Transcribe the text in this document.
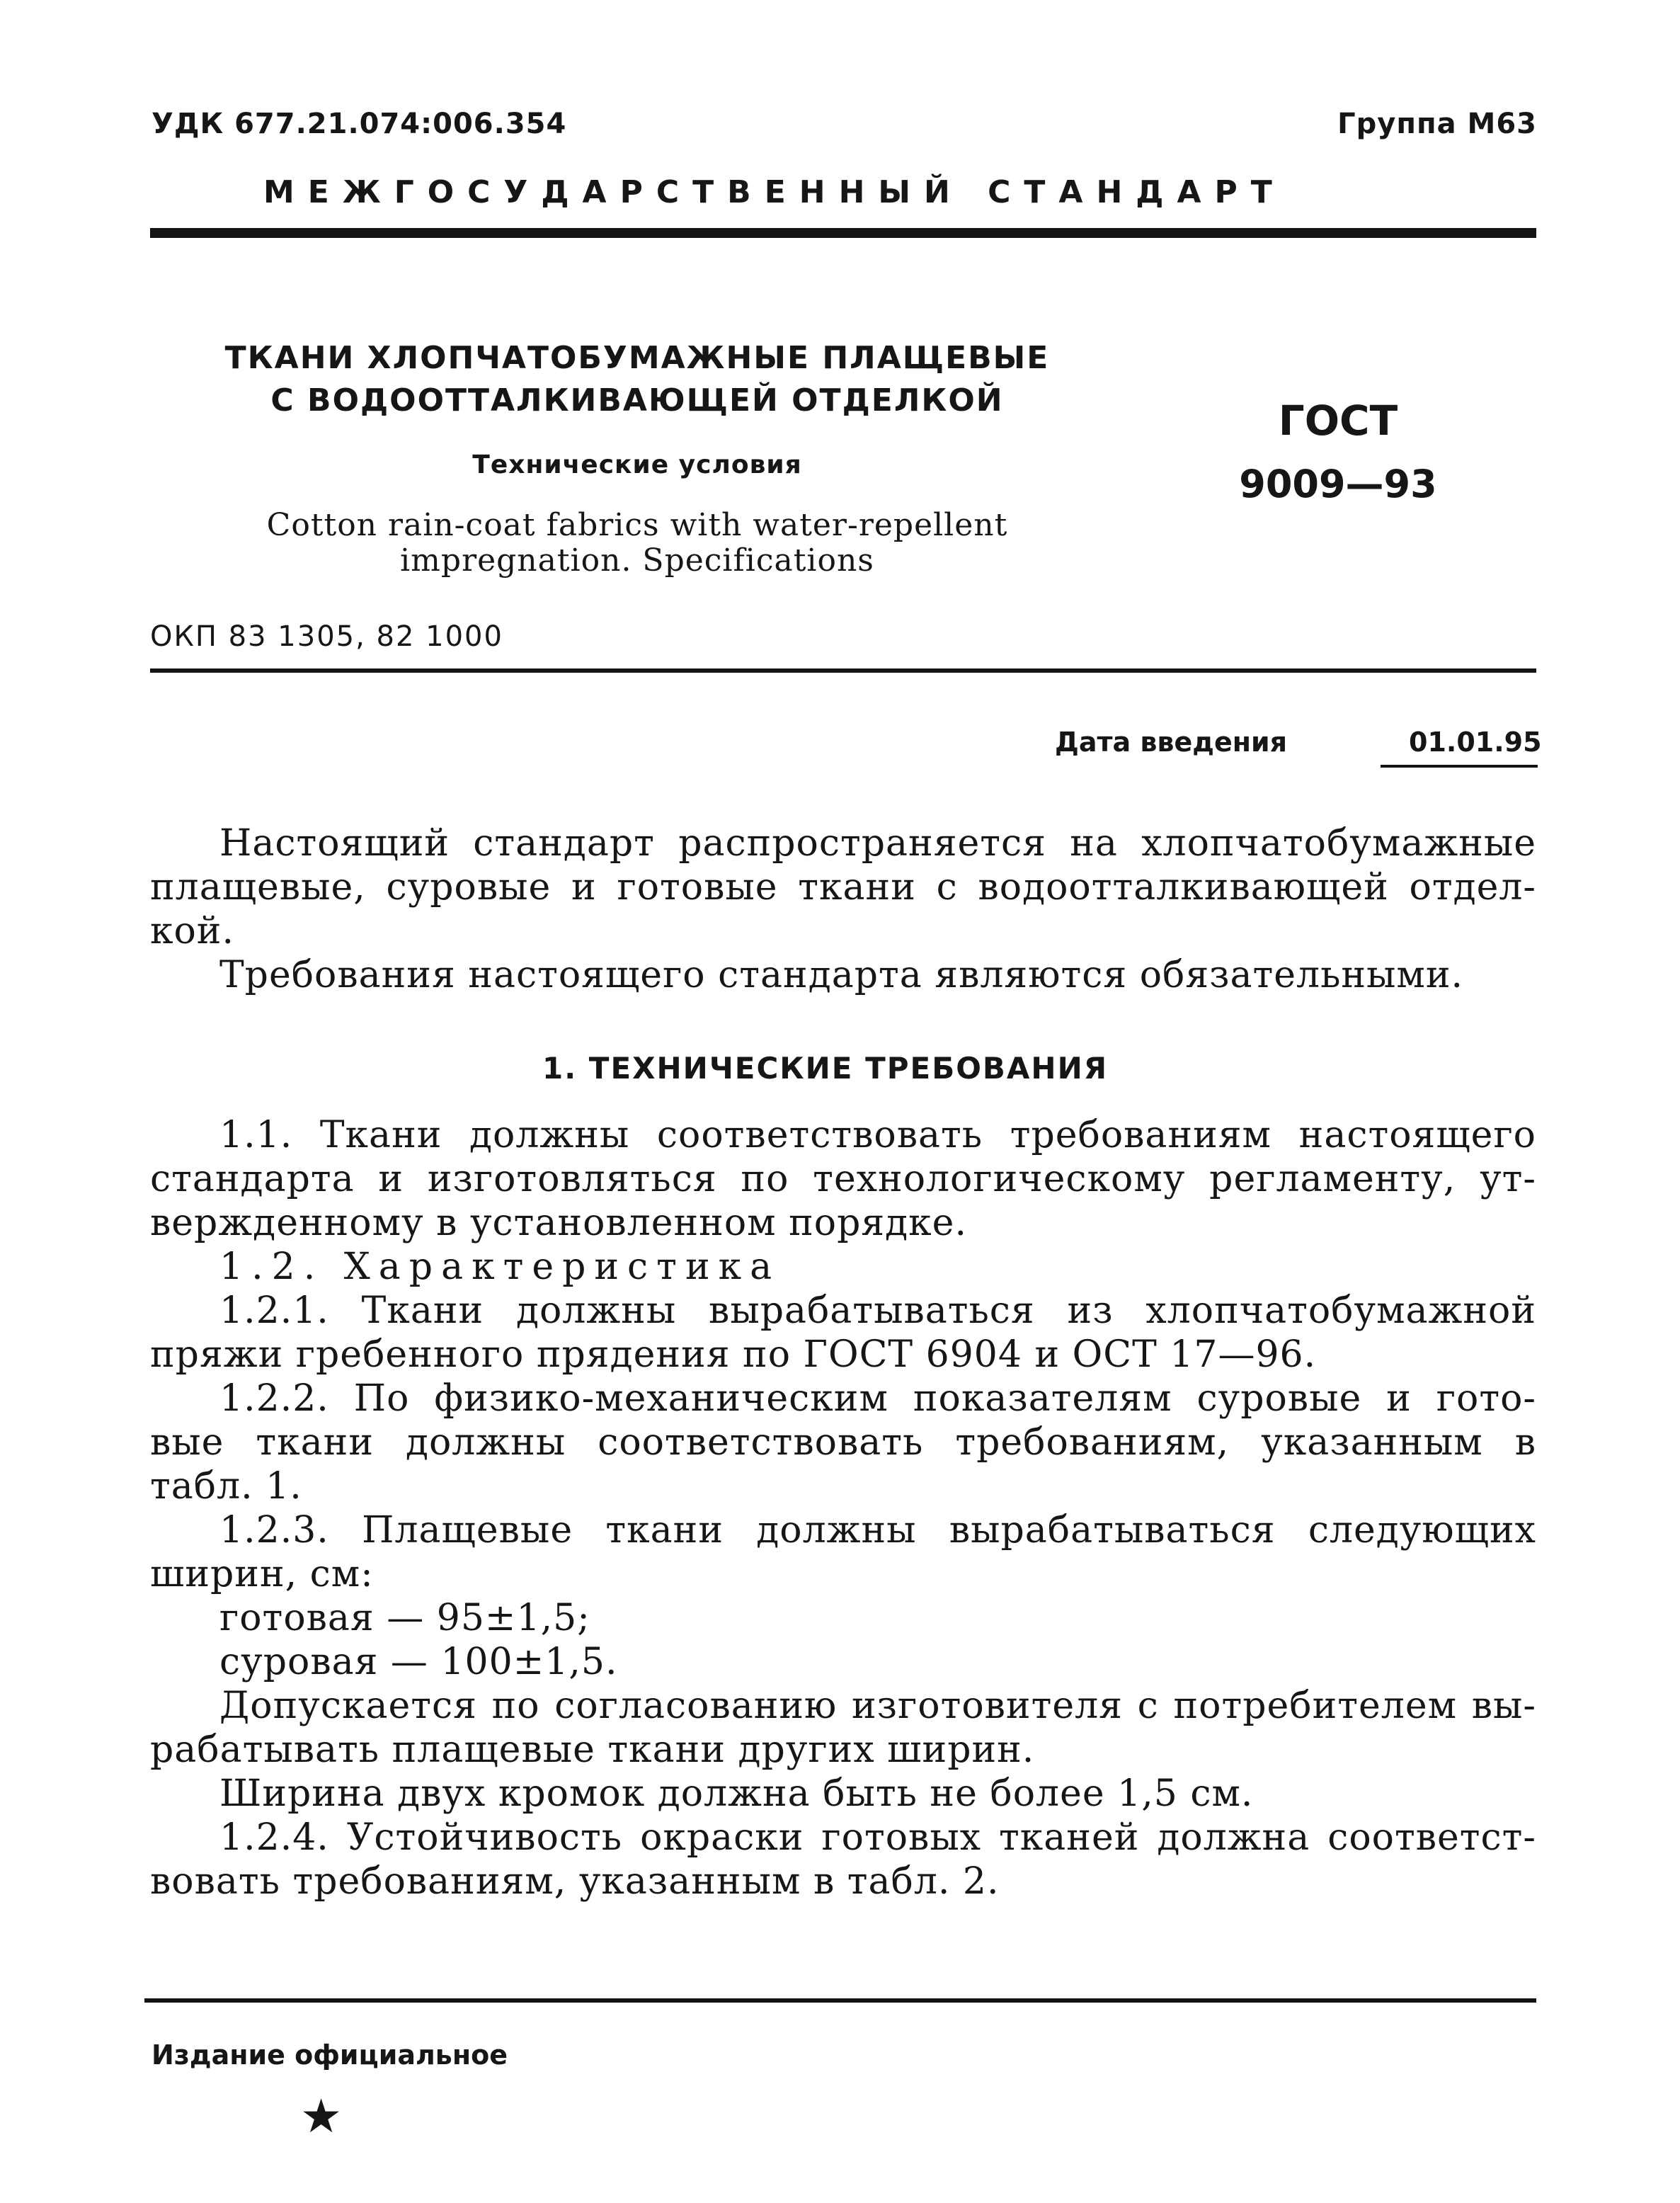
УДК 677.21.074:006.354	Группа М63
МЕЖГОСУДАРСТВЕННЫЙ СТАНДАРТ
ТКАНИ ХЛОПЧАТОБУМАЖНЫЕ ПЛАЩЕВЫЕ
С ВОДООТТАЛКИВАЮЩЕЙ ОТДЕЛКОЙ
Технические условия
Cotton rain-coat fabrics with water-repellent
impregnation. Specifications
ГОСТ
9009—93
ОКП 83 1305, 82 1000
Дата введения	01.01.95
Настоящий стандарт распространяется на хлопчатобумажные
плащевые, суровые и готовые ткани с водоотталкивающей отдел-
кой.
Требования настоящего стандарта являются обязательными.
1. ТЕХНИЧЕСКИЕ ТРЕБОВАНИЯ
1.1. Ткани должны соответствовать требованиям настоящего
стандарта и изготовляться по технологическому регламенту, ут-
вержденному в установленном порядке.
1.2. Характеристика
1.2.1. Ткани должны вырабатываться из хлопчатобумажной
пряжи гребенного прядения по ГОСТ 6904 и ОСТ 17—96.
1.2.2. По физико-механическим показателям суровые и гото-
вые ткани должны соответствовать требованиям, указанным в
табл. 1.
1.2.3. Плащевые ткани должны вырабатываться следующих
ширин, см:
готовая — 95±1,5;
суровая — 100±1,5.
Допускается по согласованию изготовителя с потребителем вы-
рабатывать плащевые ткани других ширин.
Ширина двух кромок должна быть не более 1,5 см.
1.2.4. Устойчивость окраски готовых тканей должна соответст-
вовать требованиям, указанным в табл. 2.
Издание официальное
★
